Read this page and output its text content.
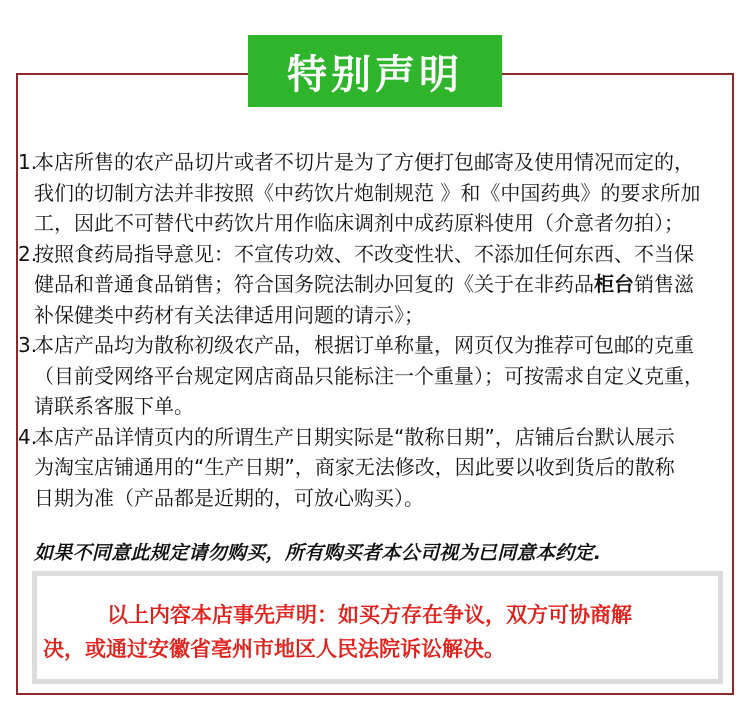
特别声明
1.本店所售的农产品切片或者不切片是为了方便打包邮寄及使用情况而定的，
我们的切制方法并非按照《中药饮片炮制规范 》和《中国药典》的要求所加
工，因此不可替代中药饮片用作临床调剂中成药原料使用（介意者勿拍）；
2.按照食药局指导意见：不宣传功效、不改变性状、不添加任何东西、不当保
健品和普通食品销售；符合国务院法制办回复的《关于在非药品柜台销售滋
补保健类中药材有关法律适用问题的请示》；
3.本店产品均为散称初级农产品，根据订单称量，网页仅为推荐可包邮的克重
（目前受网络平台规定网店商品只能标注一个重量）；可按需求自定义克重，
请联系客服下单。
4.本店产品详情页内的所谓生产日期实际是“散称日期”，店铺后台默认展示
为淘宝店铺通用的“生产日期”，商家无法修改，因此要以收到货后的散称
日期为准（产品都是近期的，可放心购买）。
如果不同意此规定请勿购买，所有购买者本公司视为已同意本约定.
以上内容本店事先声明：如买方存在争议，双方可协商解
决，或通过安徽省亳州市地区人民法院诉讼解决。
